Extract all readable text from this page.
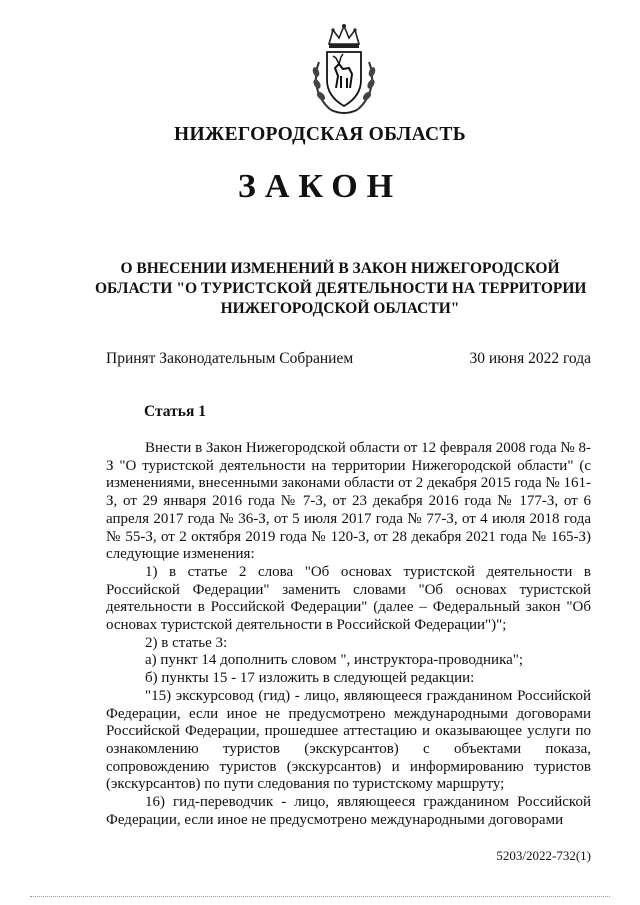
НИЖЕГОРОДСКАЯ ОБЛАСТЬ
ЗАКОН
О ВНЕСЕНИИ ИЗМЕНЕНИЙ В ЗАКОН НИЖЕГОРОДСКОЙ
ОБЛАСТИ "О ТУРИСТСКОЙ ДЕЯТЕЛЬНОСТИ НА ТЕРРИТОРИИ
НИЖЕГОРОДСКОЙ ОБЛАСТИ"
Принят Законодательным Собранием	30 июня 2022 года
Статья 1

Внести в Закон Нижегородской области от 12 февраля 2008 года № 8-З "О туристской деятельности на территории Нижегородской области" (с изменениями, внесенными законами области от 2 декабря 2015 года № 161-З, от 29 января 2016 года № 7-З, от 23 декабря 2016 года № 177-З, от 6 апреля 2017 года № 36-З, от 5 июля 2017 года № 77-З, от 4 июля 2018 года № 55-З, от 2 октября 2019 года № 120-З, от 28 декабря 2021 года № 165-З) следующие изменения:

1) в статье 2 слова "Об основах туристской деятельности в Российской Федерации" заменить словами "Об основах туристской деятельности в Российской Федерации" (далее – Федеральный закон "Об основах туристской деятельности в Российской Федерации")";

2) в статье 3:

а) пункт 14 дополнить словом ", инструктора-проводника";

б) пункты 15 - 17 изложить в следующей редакции:

"15) экскурсовод (гид) - лицо, являющееся гражданином Российской Федерации, если иное не предусмотрено международными договорами Российской Федерации, прошедшее аттестацию и оказывающее услуги по ознакомлению туристов (экскурсантов) с объектами показа, сопровождению туристов (экскурсантов) и информированию туристов (экскурсантов) по пути следования по туристскому маршруту;

16) гид-переводчик - лицо, являющееся гражданином Российской Федерации, если иное не предусмотрено международными договорами

5203/2022-732(1)
